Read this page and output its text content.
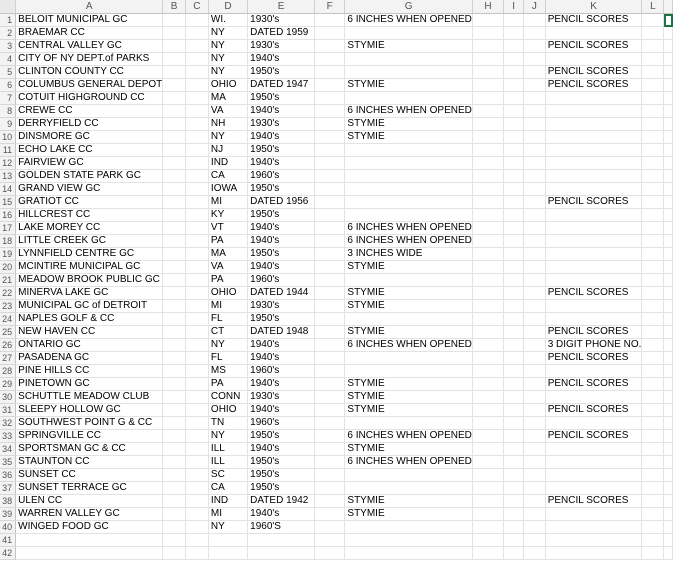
	A	B	C	D	E	F	G	H	I	J	K	L	
1	BELOIT MUNICIPAL GC			WI.	1930's		6 INCHES WHEN OPENED				PENCIL SCORES		
2	BRAEMAR CC			NY	DATED 1959								
3	CENTRAL VALLEY GC			NY	1930's		STYMIE				PENCIL SCORES		
4	CITY OF NY DEPT.of PARKS			NY	1940's								
5	CLINTON COUNTY CC			NY	1950's						PENCIL SCORES		
6	COLUMBUS GENERAL DEPOT			OHIO	DATED 1947		STYMIE				PENCIL SCORES		
7	COTUIT HIGHGROUND CC			MA	1950's								
8	CREWE CC			VA	1940's		6 INCHES WHEN OPENED						
9	DERRYFIELD CC			NH	1930's		STYMIE						
10	DINSMORE GC			NY	1940's		STYMIE						
11	ECHO LAKE CC			NJ	1950's								
12	FAIRVIEW GC			IND	1940's								
13	GOLDEN STATE PARK GC			CA	1960's								
14	GRAND VIEW GC			IOWA	1950's								
15	GRATIOT CC			MI	DATED 1956						PENCIL SCORES		
16	HILLCREST CC			KY	1950's								
17	LAKE MOREY CC			VT	1940's		6 INCHES WHEN OPENED						
18	LITTLE CREEK GC			PA	1940's		6 INCHES WHEN OPENED						
19	LYNNFIELD CENTRE GC			MA	1950's		3 INCHES WIDE						
20	MCINTIRE MUNICIPAL GC			VA	1940's		STYMIE						
21	MEADOW BROOK PUBLIC GC			PA	1960's								
22	MINERVA LAKE GC			OHIO	DATED 1944		STYMIE				PENCIL SCORES		
23	MUNICIPAL GC of DETROIT			MI	1930's		STYMIE						
24	NAPLES GOLF & CC			FL	1950's								
25	NEW HAVEN CC			CT	DATED 1948		STYMIE				PENCIL SCORES		
26	ONTARIO GC			NY	1940's		6 INCHES WHEN OPENED				3 DIGIT PHONE NO.		
27	PASADENA GC			FL	1940's						PENCIL SCORES		
28	PINE HILLS CC			MS	1960's								
29	PINETOWN GC			PA	1940's		STYMIE				PENCIL SCORES		
30	SCHUTTLE MEADOW CLUB			CONN	1930's		STYMIE						
31	SLEEPY HOLLOW GC			OHIO	1940's		STYMIE				PENCIL SCORES		
32	SOUTHWEST POINT G & CC			TN	1960's								
33	SPRINGVILLE CC			NY	1950's		6 INCHES WHEN OPENED				PENCIL SCORES		
34	SPORTSMAN GC & CC			ILL	1940's		STYMIE						
35	STAUNTON CC			ILL	1950's		6 INCHES WHEN OPENED						
36	SUNSET CC			SC	1950's								
37	SUNSET TERRACE GC			CA	1950's								
38	ULEN CC			IND	DATED 1942		STYMIE				PENCIL SCORES		
39	WARREN VALLEY GC			MI	1940's		STYMIE						
40	WINGED FOOD GC			NY	1960'S								
41													
42													
